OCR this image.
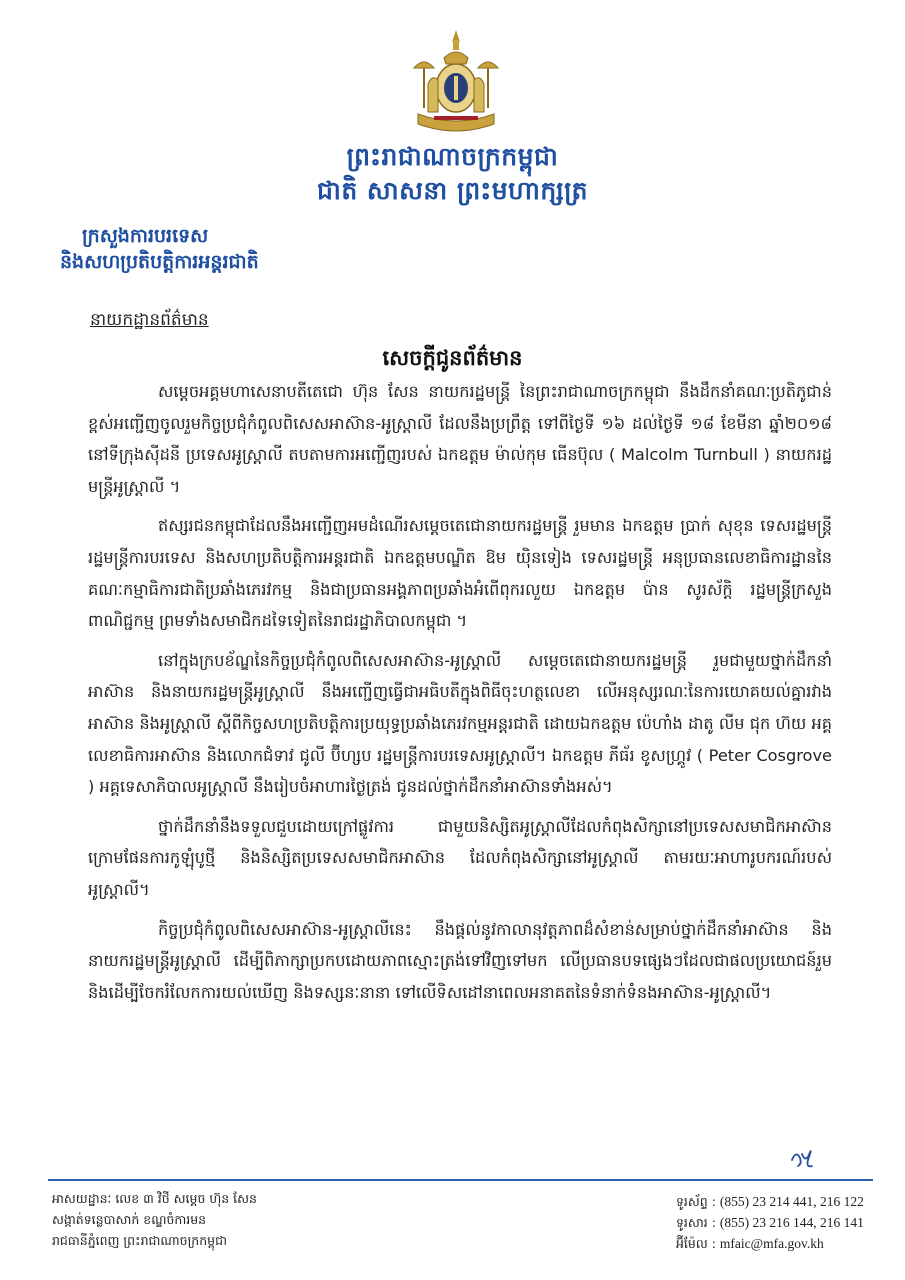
ព្រះរាជាណាចក្រកម្ពុជា
ជាតិ សាសនា ព្រះមហាក្សត្រ
ក្រសួងការបរទេស
និងសហប្រតិបត្តិការអន្តរជាតិ
នាយកដ្ឋានព័ត៌មាន
សេចក្តីជូនព័ត៌មាន

សម្តេចអគ្គមហាសេនាបតីតេជោ ហ៊ុន សែន នាយករដ្ឋមន្ត្រី នៃព្រះរាជាណាចក្រកម្ពុជា នឹងដឹកនាំគណៈប្រតិភូជាន់ខ្ពស់អញ្ជើញចូលរួមកិច្ចប្រជុំកំពូលពិសេសអាស៊ាន-អូស្ត្រាលី ដែលនឹងប្រព្រឹត្ត ទៅពីថ្ងៃទី ១៦ ដល់ថ្ងៃទី ១៨ ខែមីនា ឆ្នាំ២០១៨ នៅទីក្រុងស៊ីដនី ប្រទេសអូស្ត្រាលី តបតាមការអញ្ជើញរបស់ ឯកឧត្តម ម៉ាល់កុម ធើនប៊ុល ( Malcolm Turnbull ) នាយករដ្ឋមន្ត្រីអូស្ត្រាលី ។

ឥស្សរជនកម្ពុជាដែលនឹងអញ្ជើញអមដំណើរសម្តេចតេជោនាយករដ្ឋមន្ត្រី រួមមាន ឯកឧត្តម ប្រាក់ សុខុន ទេសរដ្ឋមន្ត្រី រដ្ឋមន្ត្រីការបរទេស និងសហប្រតិបត្តិការអន្តរជាតិ ឯកឧត្តមបណ្ឌិត ឱម យ៉ិនទៀង ទេសរដ្ឋមន្ត្រី អនុប្រធានលេខាធិការដ្ឋាននៃគណៈកម្មាធិការជាតិប្រឆាំងភេរវកម្ម និងជាប្រធានអង្គភាពប្រឆាំងអំពើពុករលួយ ឯកឧត្តម ប៉ាន សូរស័ក្តិ រដ្ឋមន្ត្រីក្រសួងពាណិជ្ជកម្ម ព្រមទាំងសមាជិកដទៃទៀតនៃរាជរដ្ឋាភិបាលកម្ពុជា ។

នៅក្នុងក្របខ័ណ្ឌនៃកិច្ចប្រជុំកំពូលពិសេសអាស៊ាន-អូស្ត្រាលី សម្តេចតេជោនាយករដ្ឋមន្ត្រី រួមជាមួយថ្នាក់ដឹកនាំអាស៊ាន និងនាយករដ្ឋមន្ត្រីអូស្ត្រាលី នឹងអញ្ជើញធ្វើជាអធិបតីក្នុងពិធីចុះហត្ថលេខា លើអនុស្សរណៈនៃការយោគយល់គ្នារវាងអាស៊ាន និងអូស្ត្រាលី ស្តីពីកិច្ចសហប្រតិបត្តិការប្រយុទ្ធប្រឆាំងភេរវកម្មអន្តរជាតិ ដោយឯកឧត្តម ប៉េហាំង ដាតូ លីម ជុក ហ៊យ អគ្គលេខាធិការអាស៊ាន និងលោកជំទាវ ជូលី ប៊ីហ្សប រដ្ឋមន្ត្រីការបរទេសអូស្ត្រាលី។ ឯកឧត្តម ភីធ័រ ខូសហ្គ្រូវ ( Peter Cosgrove ) អគ្គទេសាភិបាលអូស្ត្រាលី នឹងរៀបចំអាហារថ្ងៃត្រង់ ជូនដល់ថ្នាក់ដឹកនាំអាស៊ានទាំងអស់។

ថ្នាក់ដឹកនាំនឹងទទួលជួបដោយក្រៅផ្លូវការ ជាមួយនិស្សិតអូស្ត្រាលីដែលកំពុងសិក្សានៅប្រទេសសមាជិកអាស៊ាន ក្រោមផែនការកូឡុំបូថ្មី និងនិស្សិតប្រទេសសមាជិកអាស៊ាន ដែលកំពុងសិក្សានៅអូស្ត្រាលី តាមរយៈអាហារូបករណ៍របស់អូស្ត្រាលី។

កិច្ចប្រជុំកំពូលពិសេសអាស៊ាន-អូស្ត្រាលីនេះ នឹងផ្តល់នូវកាលានុវត្តភាពដ៏សំខាន់សម្រាប់ថ្នាក់ដឹកនាំអាស៊ាន និងនាយករដ្ឋមន្ត្រីអូស្ត្រាលី ដើម្បីពិភាក្សាប្រកបដោយភាពស្មោះត្រង់ទៅវិញទៅមក លើប្រធានបទផ្សេងៗដែលជាផលប្រយោជន៍រួម និងដើម្បីចែករំលែកការយល់ឃើញ និងទស្សនៈនានា ទៅលើទិសដៅនាពេលអនាគតនៃទំនាក់ទំនងអាស៊ាន-អូស្ត្រាលី។

អាសយដ្ឋានៈ លេខ ៣ វិថី សម្តេច ហ៊ុន សែន
សង្កាត់ទន្លេបាសាក់ ខណ្ឌចំការមន
រាជធានីភ្នំពេញ ព្រះរាជាណាចក្រកម្ពុជា
ទូរស័ព្ទ : (855) 23 214 441, 216 122
ទូរសារ : (855) 23 216 144, 216 141
អ៊ីម៉ែល : mfaic@mfa.gov.kh
